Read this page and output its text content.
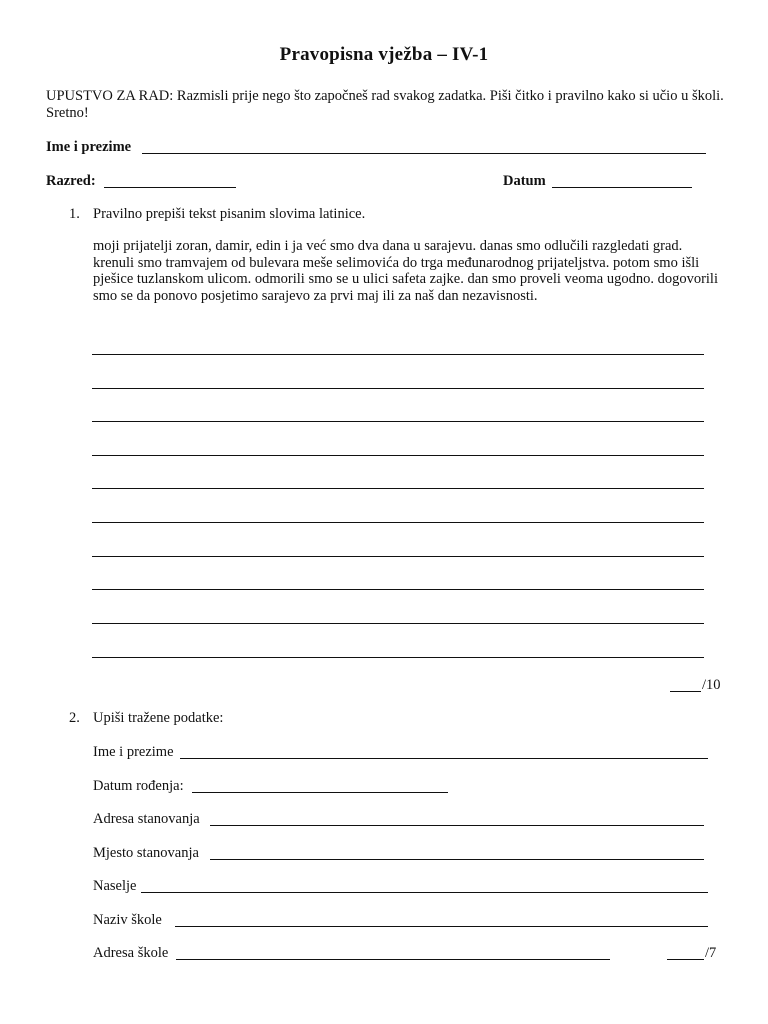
Pravopisna vježba – IV-1
UPUSTVO ZA RAD: Razmisli prije nego što započneš rad svakog zadatka. Piši čitko i pravilno kako si učio u školi. Sretno!
Ime i prezime
Razred:	Datum
1. Pravilno prepiši tekst pisanim slovima latinice.
moji prijatelji zoran, damir, edin i ja već smo dva dana u sarajevu. danas smo odlučili razgledati grad. krenuli smo tramvajem od bulevara meše selimovića do trga međunarodnog prijateljstva. potom smo išli pješice tuzlanskom ulicom. odmorili smo se u ulici safeta zajke. dan smo proveli veoma ugodno. dogovorili smo se da ponovo posjetimo sarajevo za prvi maj ili za naš dan nezavisnosti.
/10
2. Upiši tražene podatke:
Ime i prezime
Datum rođenja:
Adresa stanovanja
Mjesto stanovanja
Naselje
Naziv škole
Adresa škole	/7
